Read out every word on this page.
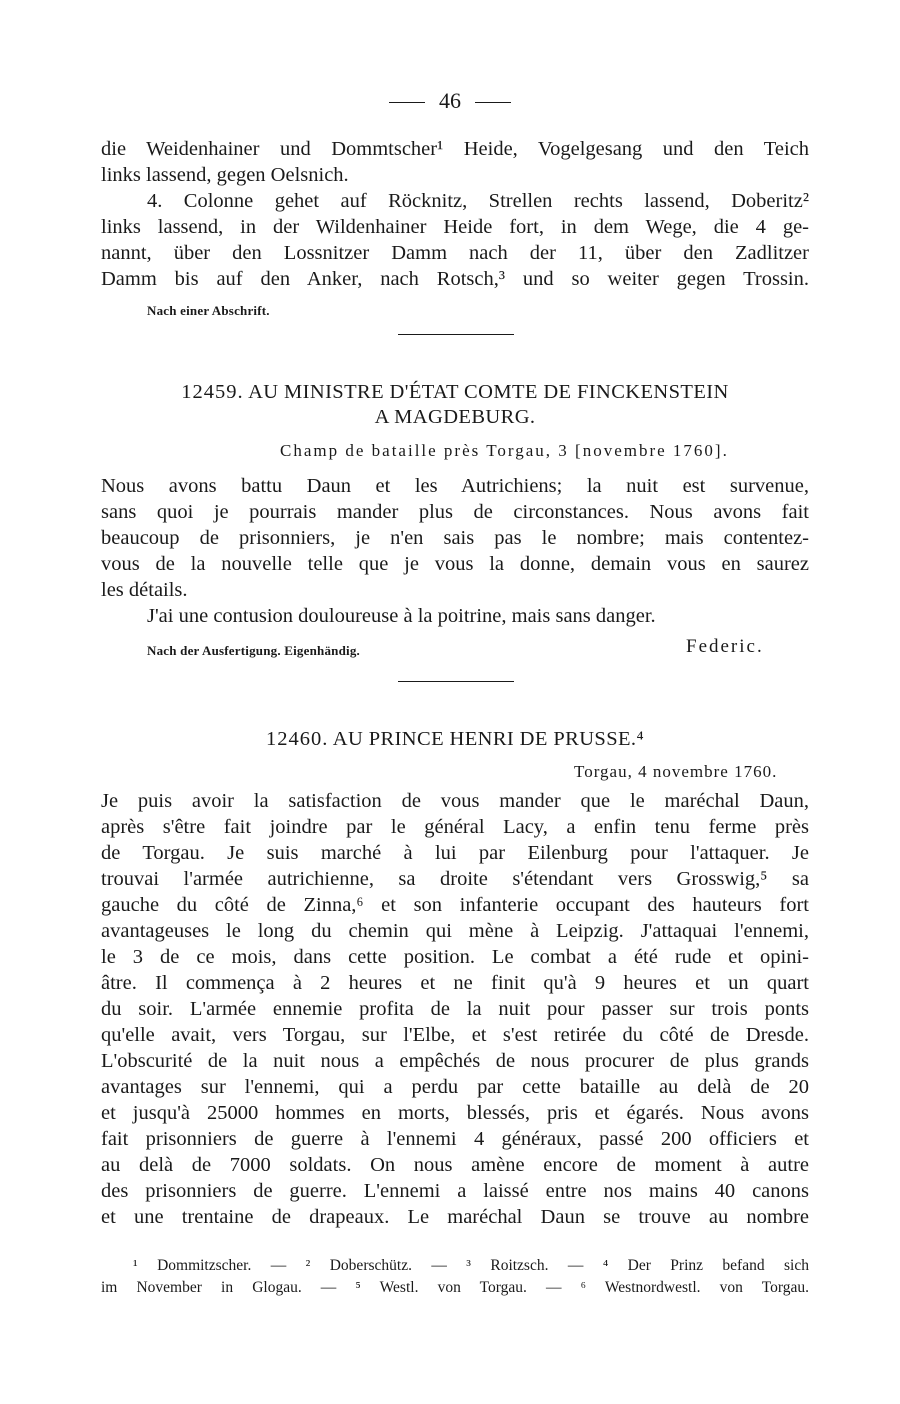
46
die Weidenhainer und Dommtscher¹ Heide, Vogelgesang und den Teich
links lassend, gegen Oelsnich.
4. Colonne gehet auf Röcknitz, Strellen rechts lassend, Doberitz²
links lassend, in der Wildenhainer Heide fort, in dem Wege, die 4 ge-
nannt, über den Lossnitzer Damm nach der 11, über den Zadlitzer
Damm bis auf den Anker, nach Rotsch,³ und so weiter gegen Trossin.
Nach einer Abschrift.
12459. AU MINISTRE D'ÉTAT COMTE DE FINCKENSTEIN
A MAGDEBURG.
Champ de bataille près Torgau, 3 [novembre 1760].
Nous avons battu Daun et les Autrichiens; la nuit est survenue,
sans quoi je pourrais mander plus de circonstances. Nous avons fait
beaucoup de prisonniers, je n'en sais pas le nombre; mais contentez-
vous de la nouvelle telle que je vous la donne, demain vous en saurez
les détails.
J'ai une contusion douloureuse à la poitrine, mais sans danger.
Nach der Ausfertigung. Eigenhändig.	Federic.
12460. AU PRINCE HENRI DE PRUSSE.⁴
Torgau, 4 novembre 1760.
Je puis avoir la satisfaction de vous mander que le maréchal Daun,
après s'être fait joindre par le général Lacy, a enfin tenu ferme près
de Torgau. Je suis marché à lui par Eilenburg pour l'attaquer. Je
trouvai l'armée autrichienne, sa droite s'étendant vers Grosswig,⁵ sa
gauche du côté de Zinna,⁶ et son infanterie occupant des hauteurs fort
avantageuses le long du chemin qui mène à Leipzig. J'attaquai l'ennemi,
le 3 de ce mois, dans cette position. Le combat a été rude et opini-
âtre. Il commença à 2 heures et ne finit qu'à 9 heures et un quart
du soir. L'armée ennemie profita de la nuit pour passer sur trois ponts
qu'elle avait, vers Torgau, sur l'Elbe, et s'est retirée du côté de Dresde.
L'obscurité de la nuit nous a empêchés de nous procurer de plus grands
avantages sur l'ennemi, qui a perdu par cette bataille au delà de 20
et jusqu'à 25000 hommes en morts, blessés, pris et égarés. Nous avons
fait prisonniers de guerre à l'ennemi 4 généraux, passé 200 officiers et
au delà de 7000 soldats. On nous amène encore de moment à autre
des prisonniers de guerre. L'ennemi a laissé entre nos mains 40 canons
et une trentaine de drapeaux. Le maréchal Daun se trouve au nombre
¹ Dommitzscher. — ² Doberschütz. — ³ Roitzsch. — ⁴ Der Prinz befand sich
im November in Glogau. — ⁵ Westl. von Torgau. — ⁶ Westnordwestl. von Torgau.
